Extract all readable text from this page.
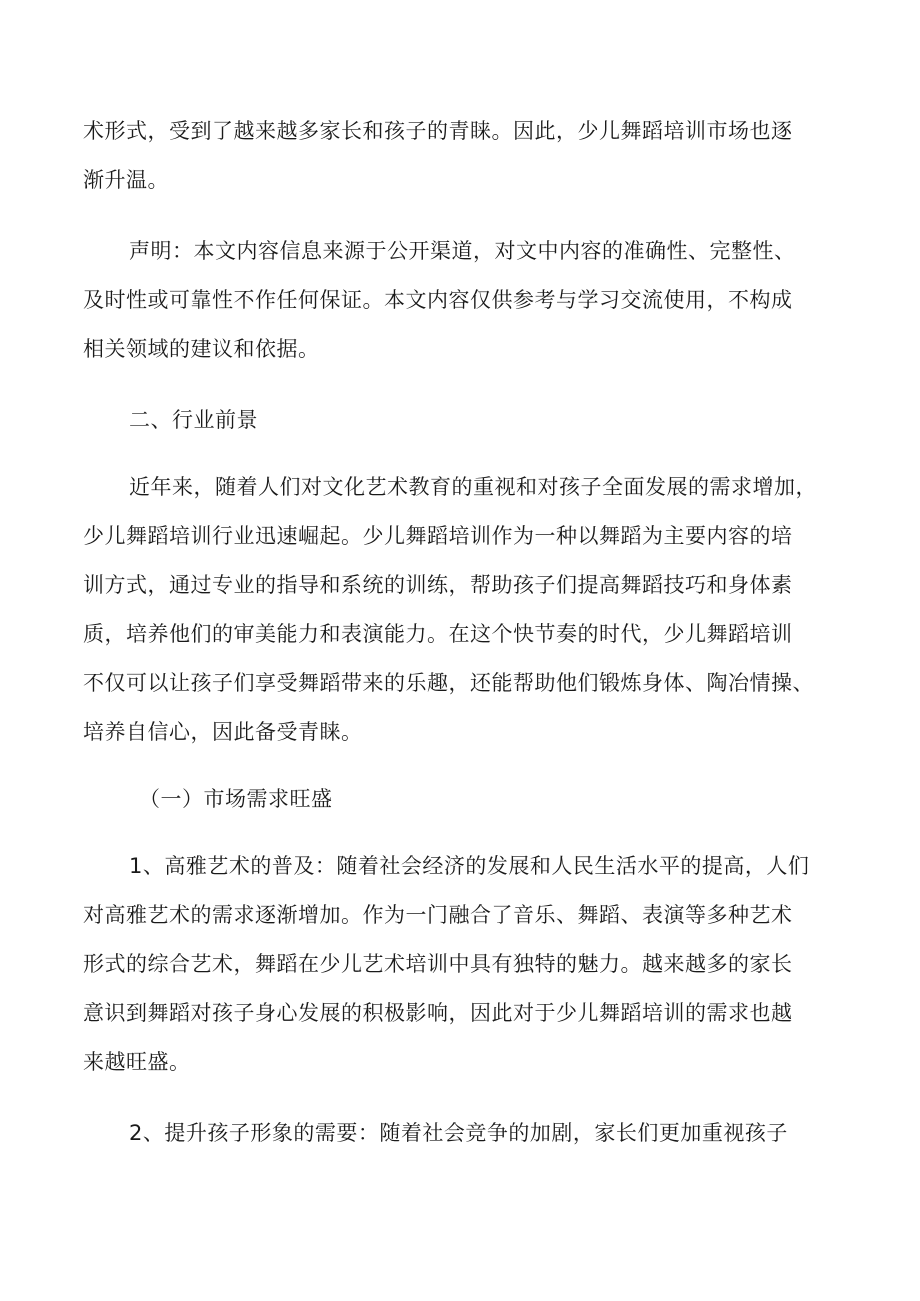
术形式，受到了越来越多家长和孩子的青睐。因此，少儿舞蹈培训市场也逐
渐升温。

声明：本文内容信息来源于公开渠道，对文中内容的准确性、完整性、
及时性或可靠性不作任何保证。本文内容仅供参考与学习交流使用，不构成
相关领域的建议和依据。

二、行业前景

近年来，随着人们对文化艺术教育的重视和对孩子全面发展的需求增加，
少儿舞蹈培训行业迅速崛起。少儿舞蹈培训作为一种以舞蹈为主要内容的培
训方式，通过专业的指导和系统的训练，帮助孩子们提高舞蹈技巧和身体素
质，培养他们的审美能力和表演能力。在这个快节奏的时代，少儿舞蹈培训
不仅可以让孩子们享受舞蹈带来的乐趣，还能帮助他们锻炼身体、陶冶情操、
培养自信心，因此备受青睐。

（一）市场需求旺盛

1、高雅艺术的普及：随着社会经济的发展和人民生活水平的提高，人们
对高雅艺术的需求逐渐增加。作为一门融合了音乐、舞蹈、表演等多种艺术
形式的综合艺术，舞蹈在少儿艺术培训中具有独特的魅力。越来越多的家长
意识到舞蹈对孩子身心发展的积极影响，因此对于少儿舞蹈培训的需求也越
来越旺盛。

2、提升孩子形象的需要：随着社会竞争的加剧，家长们更加重视孩子
